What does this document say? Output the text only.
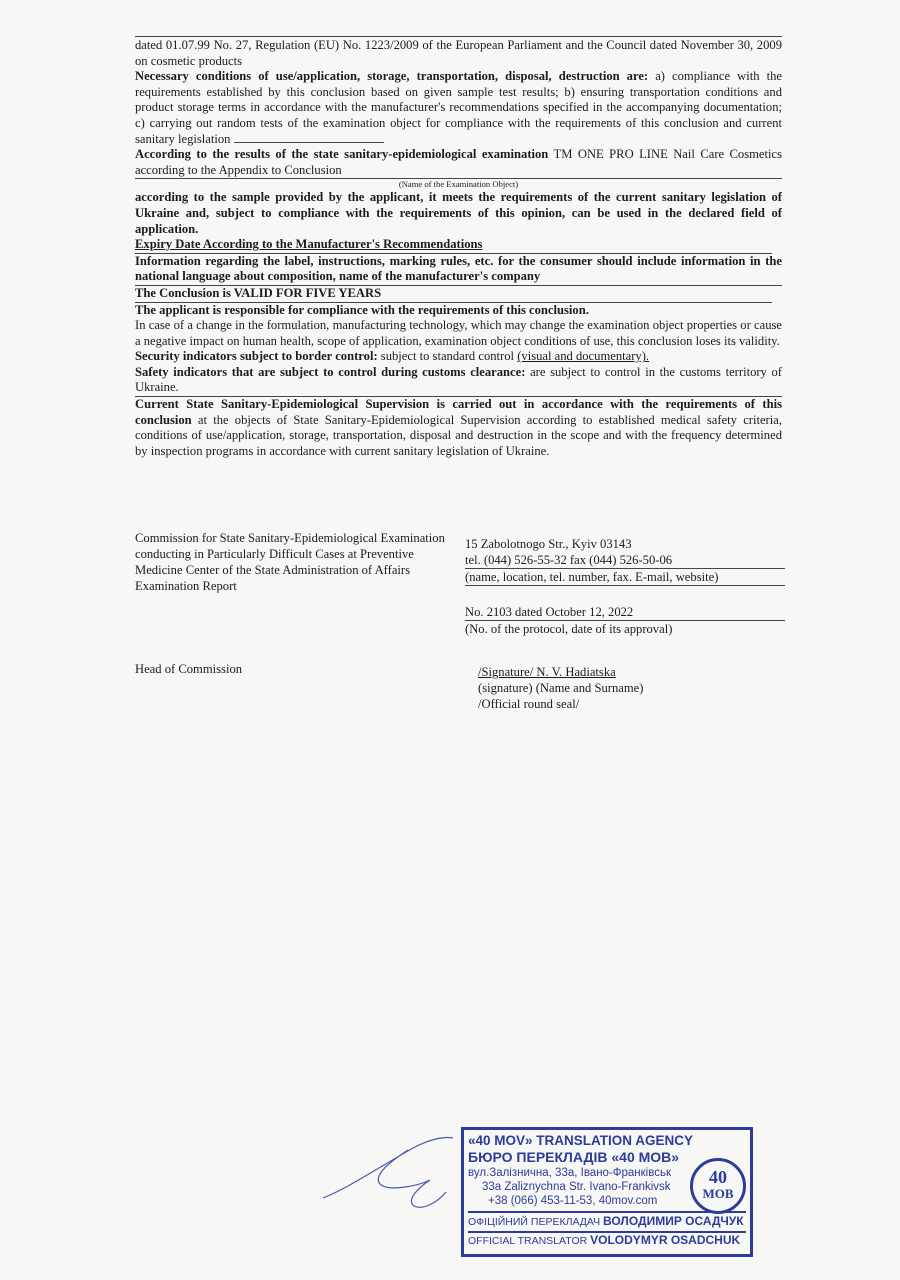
dated 01.07.99 No. 27, Regulation (EU) No. 1223/2009 of the European Parliament and the Council dated November 30, 2009 on cosmetic products

Necessary conditions of use/application, storage, transportation, disposal, destruction are: a) compliance with the requirements established by this conclusion based on given sample test results; b) ensuring transportation conditions and product storage terms in accordance with the manufacturer's recommendations specified in the accompanying documentation; c) carrying out random tests of the examination object for compliance with the requirements of this conclusion and current sanitary legislation

According to the results of the state sanitary-epidemiological examination TM ONE PRO LINE Nail Care Cosmetics according to the Appendix to Conclusion

(Name of the Examination Object)

according to the sample provided by the applicant, it meets the requirements of the current sanitary legislation of Ukraine and, subject to compliance with the requirements of this opinion, can be used in the declared field of application.

Expiry Date According to the Manufacturer's Recommendations

Information regarding the label, instructions, marking rules, etc. for the consumer should include information in the national language about composition, name of the manufacturer's company

The Conclusion is VALID FOR FIVE YEARS

The applicant is responsible for compliance with the requirements of this conclusion.

In case of a change in the formulation, manufacturing technology, which may change the examination object properties or cause a negative impact on human health, scope of application, examination object conditions of use, this conclusion loses its validity.

Security indicators subject to border control: subject to standard control (visual and documentary).

Safety indicators that are subject to control during customs clearance: are subject to control in the customs territory of Ukraine.

Current State Sanitary-Epidemiological Supervision is carried out in accordance with the requirements of this conclusion at the objects of State Sanitary-Epidemiological Supervision according to established medical safety criteria, conditions of use/application, storage, transportation, disposal and destruction in the scope and with the frequency determined by inspection programs in accordance with current sanitary legislation of Ukraine.

Commission for State Sanitary-Epidemiological Examination conducting in Particularly Difficult Cases at Preventive Medicine Center of the State Administration of Affairs
Examination Report
15 Zabolotnogo Str., Kyiv 03143
tel. (044) 526-55-32 fax (044) 526-50-06
(name, location, tel. number, fax. E-mail, website)
No. 2103 dated October 12, 2022
(No. of the protocol, date of its approval)
Head of Commission	/Signature/ N. V. Hadiatska
(signature) (Name and Surname)
/Official round seal/
«40 MOV» TRANSLATION AGENCY
БЮРО ПЕРЕКЛАДІВ «40 МОВ»
вул.Залізнична, 33а, Івано-Франківськ
33a Zaliznychna Str. Ivano-Frankivsk
+38 (066) 453-11-53, 40mov.com
ОФІЦІЙНИЙ ПЕРЕКЛАДАЧ ВОЛОДИМИР ОСАДЧУК
OFFICIAL TRANSLATOR VOLODYMYR OSADCHUK
40
МОВ
